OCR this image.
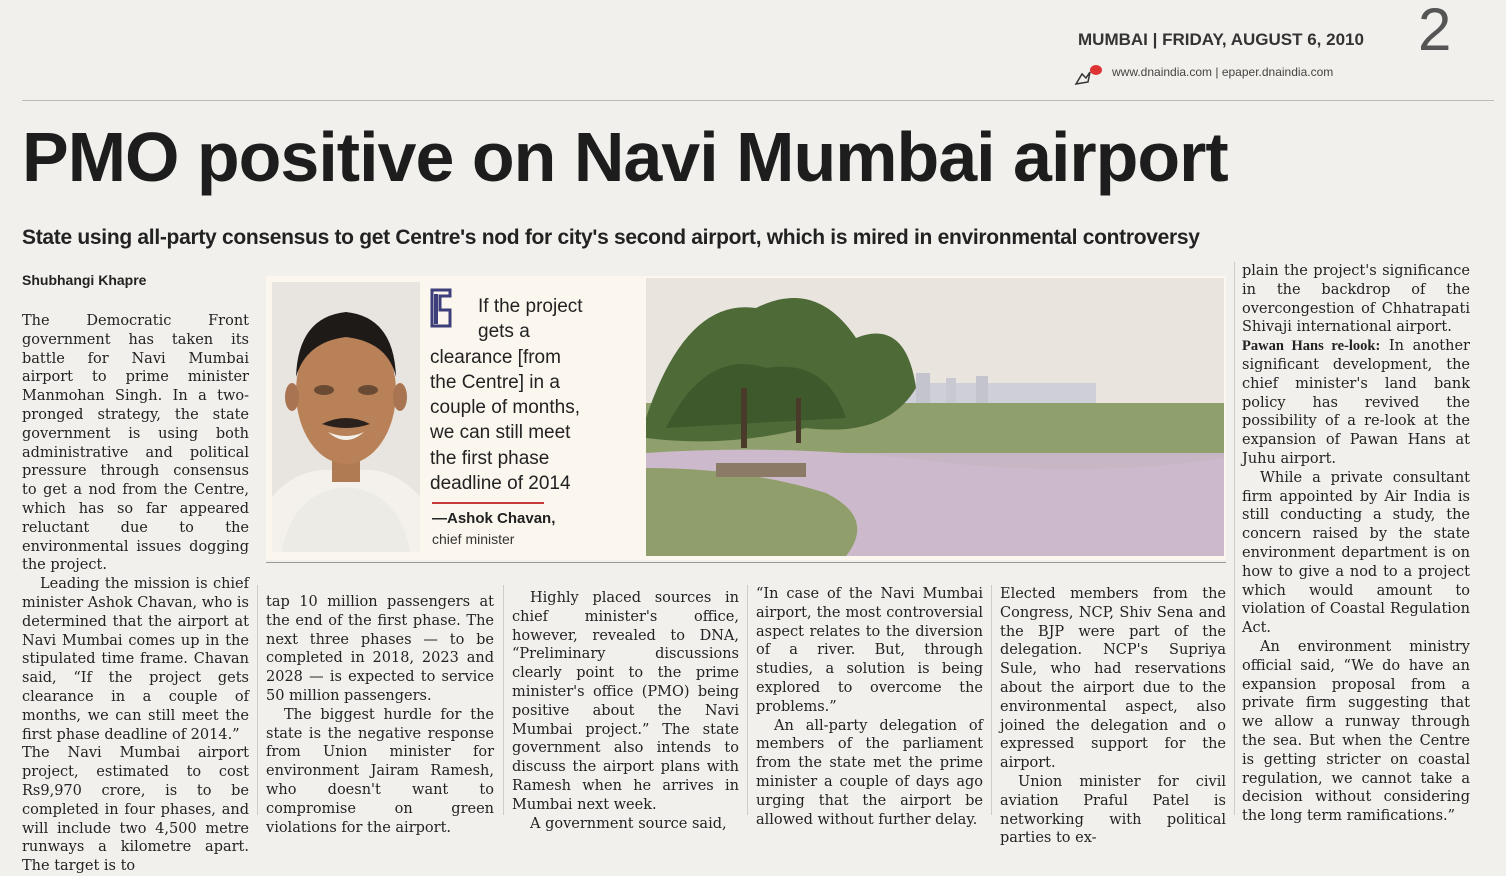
MUMBAI | FRIDAY, AUGUST 6, 2010
www.dnaindia.com | epaper.dnaindia.com
2
PMO positive on Navi Mumbai airport
State using all-party consensus to get Centre's nod for city's second airport, which is mired in environmental controversy
Shubhangi Khapre
If the project
gets a
clearance [from
the Centre] in a
couple of months,
we can still meet
the first phase
deadline of 2014
—Ashok Chavan,
chief minister

The Democratic Front government has taken its battle for Navi Mumbai airport to prime minister Manmohan Singh. In a two-pronged strategy, the state government is using both administrative and political pressure through consensus to get a nod from the Centre, which has so far appeared reluctant due to the environmental issues dogging the project.

Leading the mission is chief minister Ashok Chavan, who is determined that the airport at Navi Mumbai comes up in the stipulated time frame. Chavan said, “If the project gets clearance in a couple of months, we can still meet the first phase deadline of 2014.”

The Navi Mumbai airport project, estimated to cost Rs9,970 crore, is to be completed in four phases, and will include two 4,500 metre runways a kilometre apart. The target is to

tap 10 million passengers at the end of the first phase. The next three phases — to be completed in 2018, 2023 and 2028 — is expected to service 50 million passengers.

The biggest hurdle for the state is the negative response from Union minister for environment Jairam Ramesh, who doesn't want to compromise on green violations for the airport.

Highly placed sources in chief minister's office, however, revealed to DNA, “Preliminary discussions clearly point to the prime minister's office (PMO) being positive about the Navi Mumbai project.” The state government also intends to discuss the airport plans with Ramesh when he arrives in Mumbai next week.

A government source said,

“In case of the Navi Mumbai airport, the most controversial aspect relates to the diversion of a river. But, through studies, a solution is being explored to overcome the problems.”

An all-party delegation of members of the parliament from the state met the prime minister a couple of days ago urging that the airport be allowed without further delay.

Elected members from the Congress, NCP, Shiv Sena and the BJP were part of the delegation. NCP's Supriya Sule, who had reservations about the airport due to the environmental aspect, also joined the delegation and o expressed support for the airport.

Union minister for civil aviation Praful Patel is networking with political parties to ex-

plain the project's significance in the backdrop of the overcongestion of Chhatrapati Shivaji international airport.

Pawan Hans re-look: In another significant development, the chief minister's land bank policy has revived the possibility of a re-look at the expansion of Pawan Hans at Juhu airport.

While a private consultant firm appointed by Air India is still conducting a study, the concern raised by the state environment department is on how to give a nod to a project which would amount to violation of Coastal Regulation Act.

An environment ministry official said, “We do have an expansion proposal from a private firm suggesting that we allow a runway through the sea. But when the Centre is getting stricter on coastal regulation, we cannot take a decision without considering the long term ramifications.”
